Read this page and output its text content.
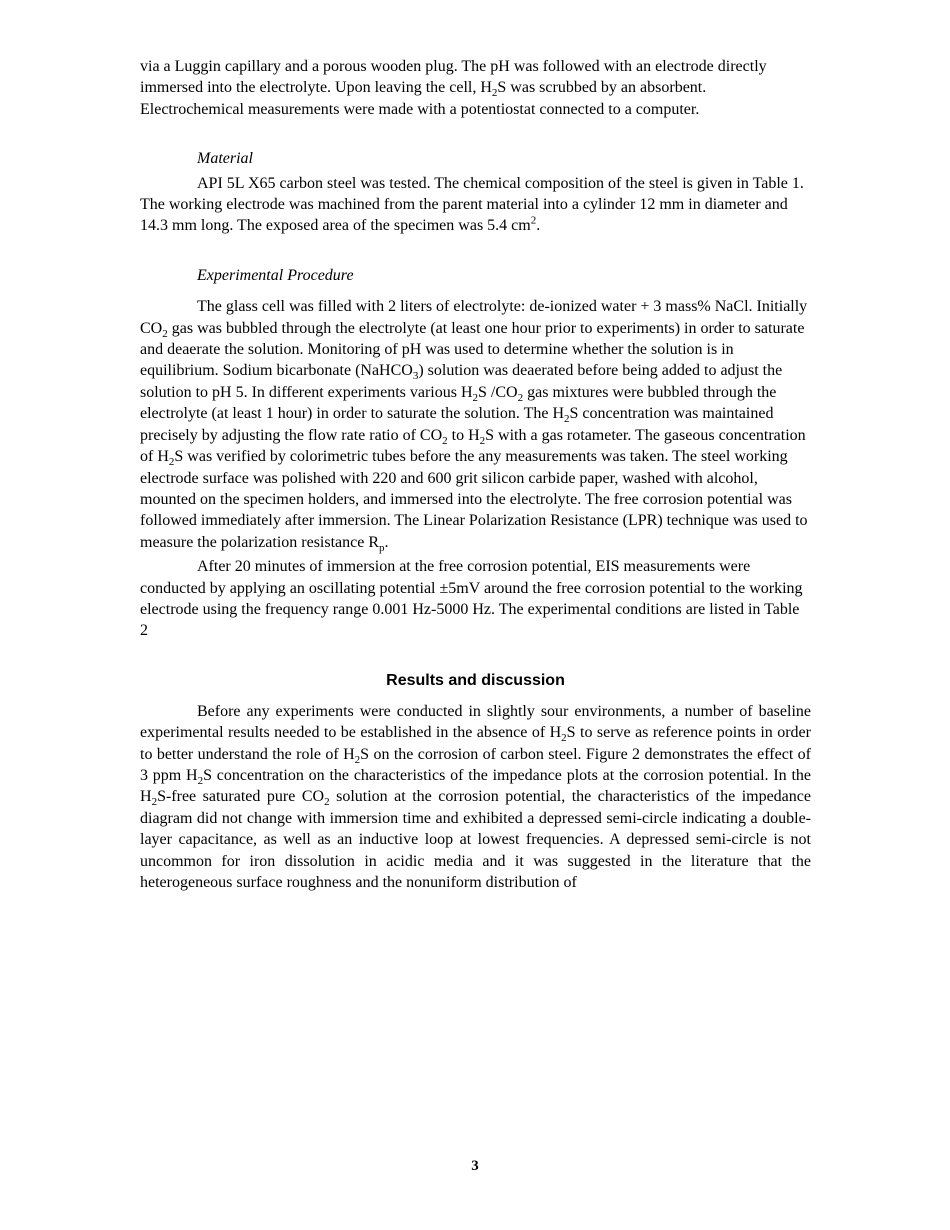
via a Luggin capillary and a porous wooden plug. The pH was followed with an electrode directly immersed into the electrolyte. Upon leaving the cell, $H_2S$ was scrubbed by an absorbent. Electrochemical measurements were made with a potentiostat connected to a computer.

Material

API 5L X65 carbon steel was tested. The chemical composition of the steel is given in Table 1. The working electrode was machined from the parent material into a cylinder 12 mm in diameter and 14.3 mm long. The exposed area of the specimen was 5.4 $cm^2$.

Experimental Procedure

The glass cell was filled with 2 liters of electrolyte: de-ionized water + 3 mass% NaCl. Initially $CO_2$ gas was bubbled through the electrolyte (at least one hour prior to experiments) in order to saturate and deaerate the solution. Monitoring of pH was used to determine whether the solution is in equilibrium. Sodium bicarbonate (NaHCO$_3$) solution was deaerated before being added to adjust the solution to pH 5. In different experiments various $H_2S$ $/CO_2$ gas mixtures were bubbled through the electrolyte (at least 1 hour) in order to saturate the solution. The $H_2S$ concentration was maintained precisely by adjusting the flow rate ratio of $CO_2$ to $H_2S$ with a gas rotameter. The gaseous concentration of $H_2S$ was verified by colorimetric tubes before the any measurements was taken. The steel working electrode surface was polished with 220 and 600 grit silicon carbide paper, washed with alcohol, mounted on the specimen holders, and immersed into the electrolyte. The free corrosion potential was followed immediately after immersion. The Linear Polarization Resistance (LPR) technique was used to measure the polarization resistance $R_p$.

After 20 minutes of immersion at the free corrosion potential, EIS measurements were conducted by applying an oscillating potential ±5mV around the free corrosion potential to the working electrode using the frequency range 0.001 Hz-5000 Hz. The experimental conditions are listed in Table 2

Results and discussion

Before any experiments were conducted in slightly sour environments, a number of baseline experimental results needed to be established in the absence of $H_2S$ to serve as reference points in order to better understand the role of $H_2S$ on the corrosion of carbon steel. Figure 2 demonstrates the effect of 3 ppm $H_2S$ concentration on the characteristics of the impedance plots at the corrosion potential. In the $H_2S$-free saturated pure $CO_2$ solution at the corrosion potential, the characteristics of the impedance diagram did not change with immersion time and exhibited a depressed semi-circle indicating a double-layer capacitance, as well as an inductive loop at lowest frequencies. A depressed semi-circle is not uncommon for iron dissolution in acidic media and it was suggested in the literature that the heterogeneous surface roughness and the nonuniform distribution of

3
